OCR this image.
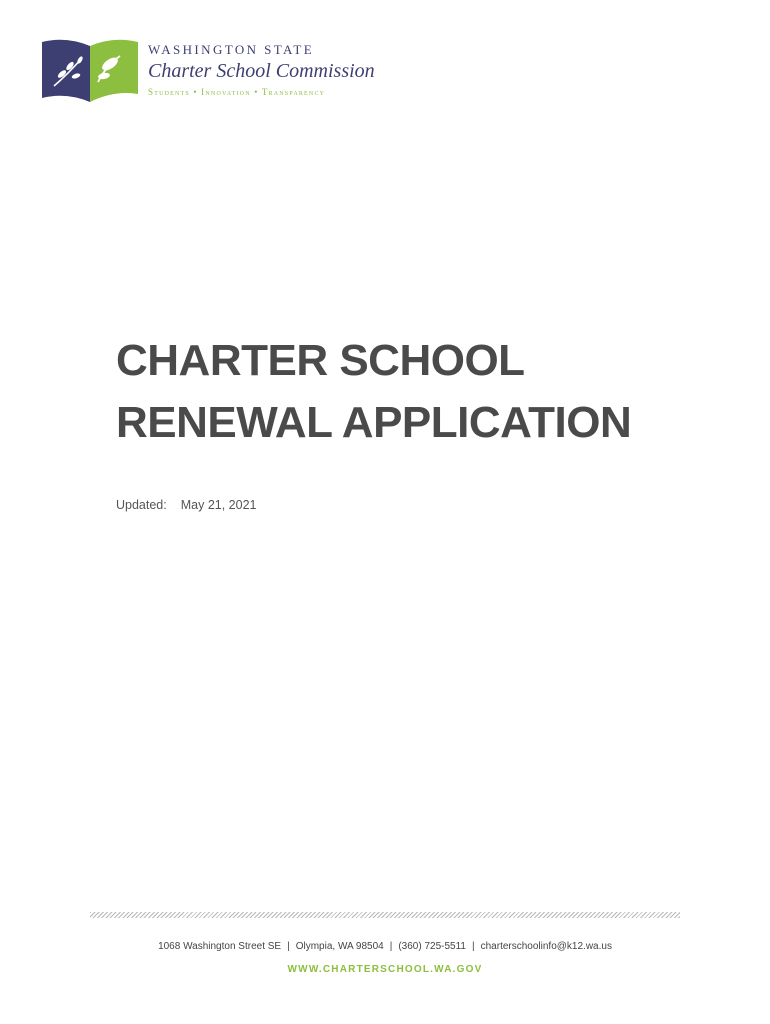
WASHINGTON STATE
Charter School Commission
Students • Innovation • Transparency
CHARTER SCHOOL
RENEWAL APPLICATION
Updated: May 21, 2021
1068 Washington Street SE | Olympia, WA 98504 | (360) 725-5511 | charterschoolinfo@k12.wa.us
WWW.CHARTERSCHOOL.WA.GOV
